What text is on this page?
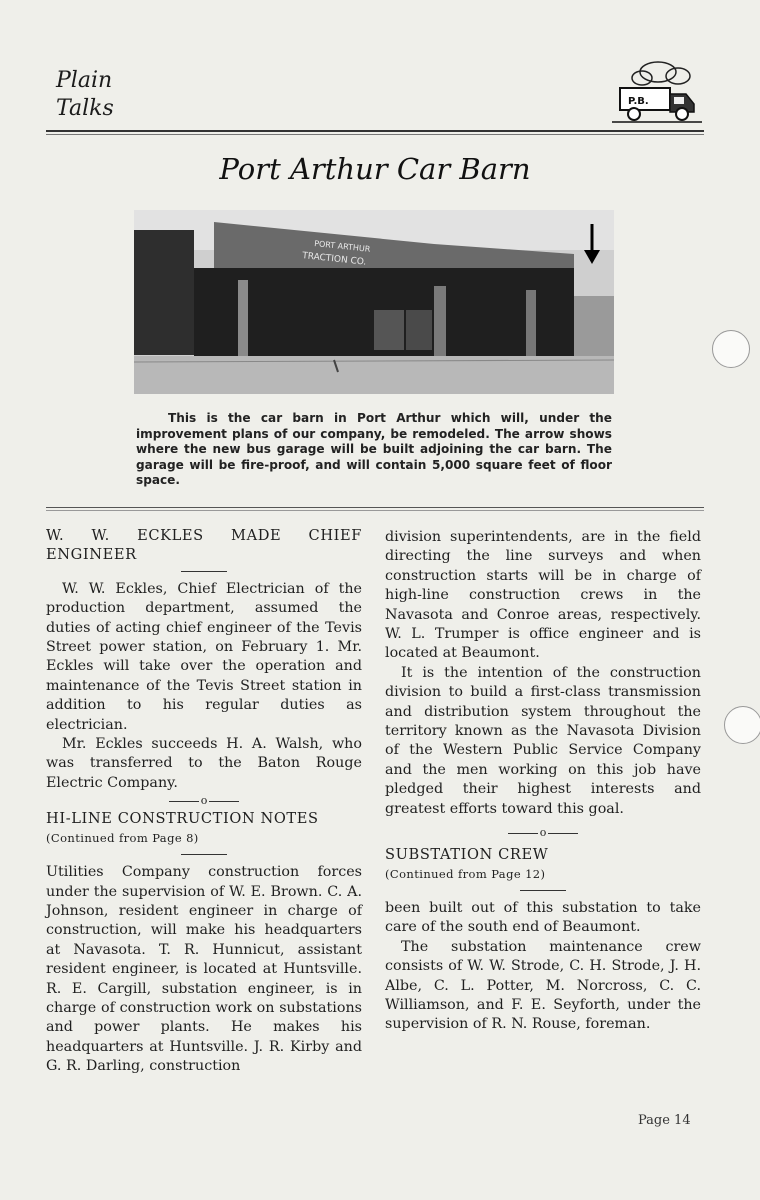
Plain
Talks	P.B.
Port Arthur Car Barn
PORT ARTHUR
TRACTION CO.
This is the car barn in Port Arthur which will, under the improvement plans of our company, be remodeled. The arrow shows where the new bus garage will be built adjoining the car barn. The garage will be fire-proof, and will contain 5,000 square feet of floor space.

W. W. ECKLES MADE CHIEF ENGINEER

W. W. Eckles, Chief Electrician of the production department, assumed the duties of acting chief engineer of the Tevis Street power station, on February 1. Mr. Eckles will take over the operation and maintenance of the Tevis Street station in addition to his regular duties as electrician.

Mr. Eckles succeeds H. A. Walsh, who was transferred to the Baton Rouge Electric Company.

o

HI-LINE CONSTRUCTION NOTES

(Continued from Page 8)

Utilities Company construction forces under the supervision of W. E. Brown. C. A. Johnson, resident engineer in charge of construction, will make his headquarters at Navasota. T. R. Hunnicut, assistant resident engineer, is located at Huntsville. R. E. Cargill, substation engineer, is in charge of construction work on substations and power plants. He makes his headquarters at Huntsville. J. R. Kirby and G. R. Darling, construction

division superintendents, are in the field directing the line surveys and when construction starts will be in charge of high-line construction crews in the Navasota and Conroe areas, respectively. W. L. Trumper is office engineer and is located at Beaumont.

It is the intention of the construction division to build a first-class transmission and distribution system throughout the territory known as the Navasota Division of the Western Public Service Company and the men working on this job have pledged their highest interests and greatest efforts toward this goal.

o

SUBSTATION CREW

(Continued from Page 12)

been built out of this substation to take care of the south end of Beaumont.

The substation maintenance crew consists of W. W. Strode, C. H. Strode, J. H. Albe, C. L. Potter, M. Norcross, C. C. Williamson, and F. E. Seyforth, under the supervision of R. N. Rouse, foreman.

Page 14
